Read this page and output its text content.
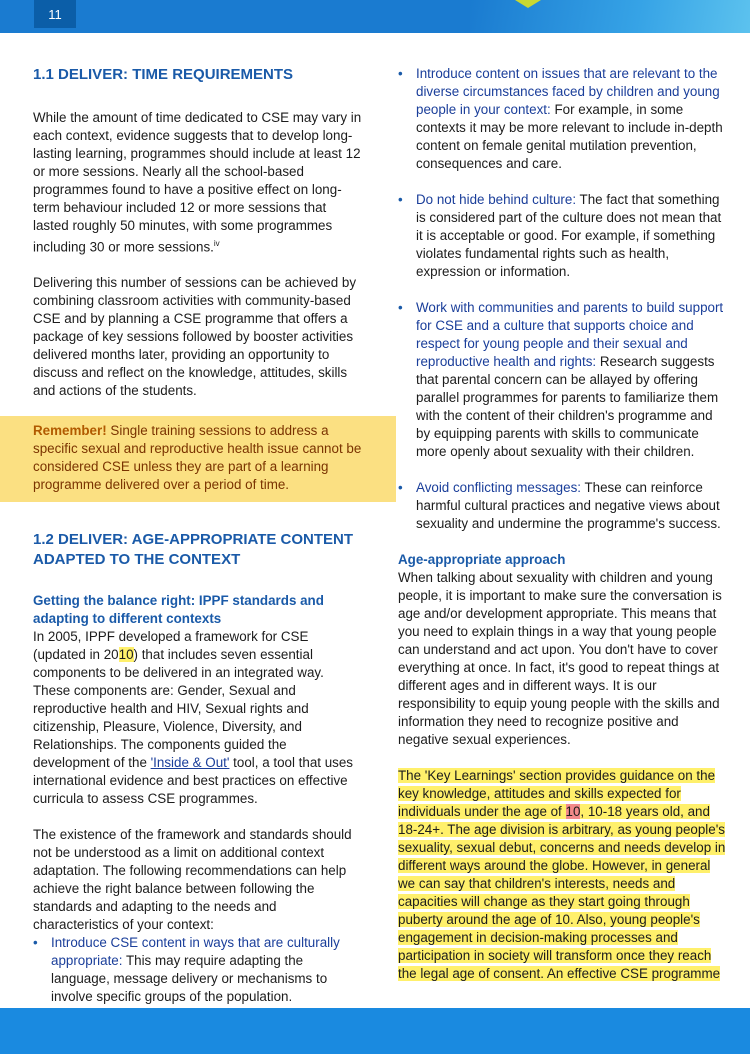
11
1.1 DELIVER: TIME REQUIREMENTS

While the amount of time dedicated to CSE may vary in each context, evidence suggests that to develop long-lasting learning, programmes should include at least 12 or more sessions. Nearly all the school-based programmes found to have a positive effect on long-term behaviour included 12 or more sessions that lasted roughly 50 minutes, with some programmes including 30 or more sessions.$^{iv}$

Delivering this number of sessions can be achieved by combining classroom activities with community-based CSE and by planning a CSE programme that offers a package of key sessions followed by booster activities delivered months later, providing an opportunity to discuss and reflect on the knowledge, attitudes, skills and actions of the students.

Remember! Single training sessions to address a specific sexual and reproductive health issue cannot be considered CSE unless they are part of a learning programme delivered over a period of time.
1.2 DELIVER: AGE-APPROPRIATE CONTENT ADAPTED TO THE CONTEXT

Getting the balance right: IPPF standards and adapting to different contexts

In 2005, IPPF developed a framework for CSE (updated in 2010) that includes seven essential components to be delivered in an integrated way. These components are: Gender, Sexual and reproductive health and HIV, Sexual rights and citizenship, Pleasure, Violence, Diversity, and Relationships. The components guided the development of the 'Inside & Out' tool, a tool that uses international evidence and best practices on effective curricula to assess CSE programmes.

The existence of the framework and standards should not be understood as a limit on additional context adaptation. The following recommendations can help achieve the right balance between following the standards and adapting to the needs and characteristics of your context:

• Introduce CSE content in ways that are culturally appropriate: This may require adapting the language, message delivery or mechanisms to involve specific groups of the population.
• Introduce content on issues that are relevant to the diverse circumstances faced by children and young people in your context: For example, in some contexts it may be more relevant to include in-depth content on female genital mutilation prevention, consequences and care.
• Do not hide behind culture: The fact that something is considered part of the culture does not mean that it is acceptable or good. For example, if something violates fundamental rights such as health, expression or information.
• Work with communities and parents to build support for CSE and a culture that supports choice and respect for young people and their sexual and reproductive health and rights: Research suggests that parental concern can be allayed by offering parallel programmes for parents to familiarize them with the content of their children's programme and by equipping parents with skills to communicate more openly about sexuality with their children.
• Avoid conflicting messages: These can reinforce harmful cultural practices and negative views about sexuality and undermine the programme's success.

Age-appropriate approach

When talking about sexuality with children and young people, it is important to make sure the conversation is age and/or development appropriate. This means that you need to explain things in a way that young people can understand and act upon. You don't have to cover everything at once. In fact, it's good to repeat things at different ages and in different ways. It is our responsibility to equip young people with the skills and information they need to recognize positive and negative sexual experiences.

The 'Key Learnings' section provides guidance on the key knowledge, attitudes and skills expected for individuals under the age of 10, 10-18 years old, and 18-24+. The age division is arbitrary, as young people's sexuality, sexual debut, concerns and needs develop in different ways around the globe. However, in general we can say that children's interests, needs and capacities will change as they start going through puberty around the age of 10. Also, young people's engagement in decision-making processes and participation in society will transform once they reach the legal age of consent. An effective CSE programme
